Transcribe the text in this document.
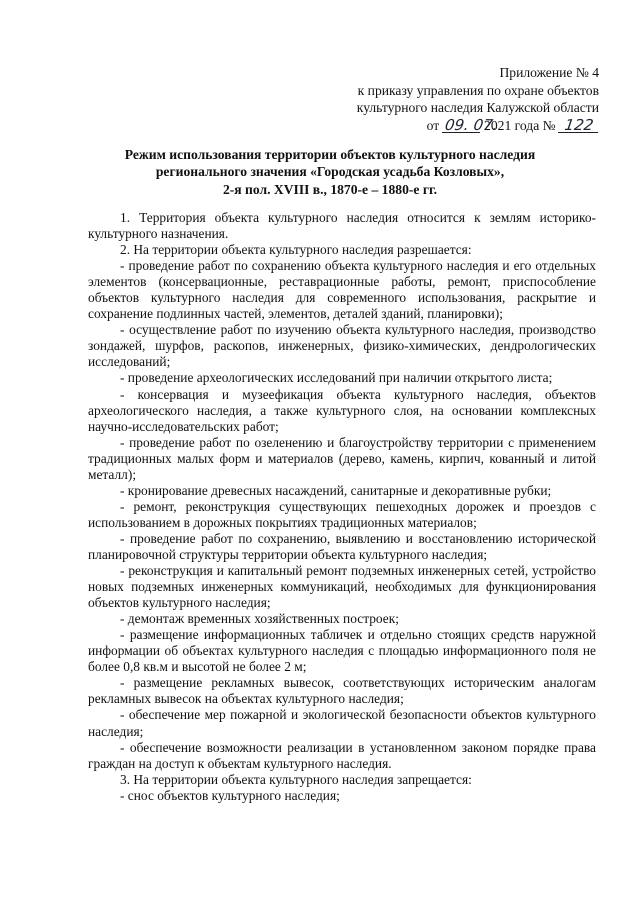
Приложение № 4
к приказу управления по охране объектов
культурного наследия Калужской области
от 09. 07. 2021 года № 122
Режим использования территории объектов культурного наследия
регионального значения «Городская усадьба Козловых»,
2-я пол. XVIII в., 1870-е – 1880-е гг.

1. Территория объекта культурного наследия относится к землям историко-культурного назначения.

2. На территории объекта культурного наследия разрешается:

- проведение работ по сохранению объекта культурного наследия и его отдельных элементов (консервационные, реставрационные работы, ремонт, приспособление объектов культурного наследия для современного использования, раскрытие и сохранение подлинных частей, элементов, деталей зданий, планировки);

- осуществление работ по изучению объекта культурного наследия, производство зондажей, шурфов, раскопов, инженерных, физико-химических, дендрологических исследований;

- проведение археологических исследований при наличии открытого листа;

- консервация и музеефикация объекта культурного наследия, объектов археологического наследия, а также культурного слоя, на основании комплексных научно-исследовательских работ;

- проведение работ по озеленению и благоустройству территории с применением традиционных малых форм и материалов (дерево, камень, кирпич, кованный и литой металл);

- кронирование древесных насаждений, санитарные и декоративные рубки;

- ремонт, реконструкция существующих пешеходных дорожек и проездов с использованием в дорожных покрытиях традиционных материалов;

- проведение работ по сохранению, выявлению и восстановлению исторической планировочной структуры территории объекта культурного наследия;

- реконструкция и капитальный ремонт подземных инженерных сетей, устройство новых подземных инженерных коммуникаций, необходимых для функционирования объектов культурного наследия;

- демонтаж временных хозяйственных построек;

- размещение информационных табличек и отдельно стоящих средств наружной информации об объектах культурного наследия с площадью информационного поля не более 0,8 кв.м и высотой не более 2 м;

- размещение рекламных вывесок, соответствующих историческим аналогам рекламных вывесок на объектах культурного наследия;

- обеспечение мер пожарной и экологической безопасности объектов культурного наследия;

- обеспечение возможности реализации в установленном законом порядке права граждан на доступ к объектам культурного наследия.

3. На территории объекта культурного наследия запрещается:

- снос объектов культурного наследия;
